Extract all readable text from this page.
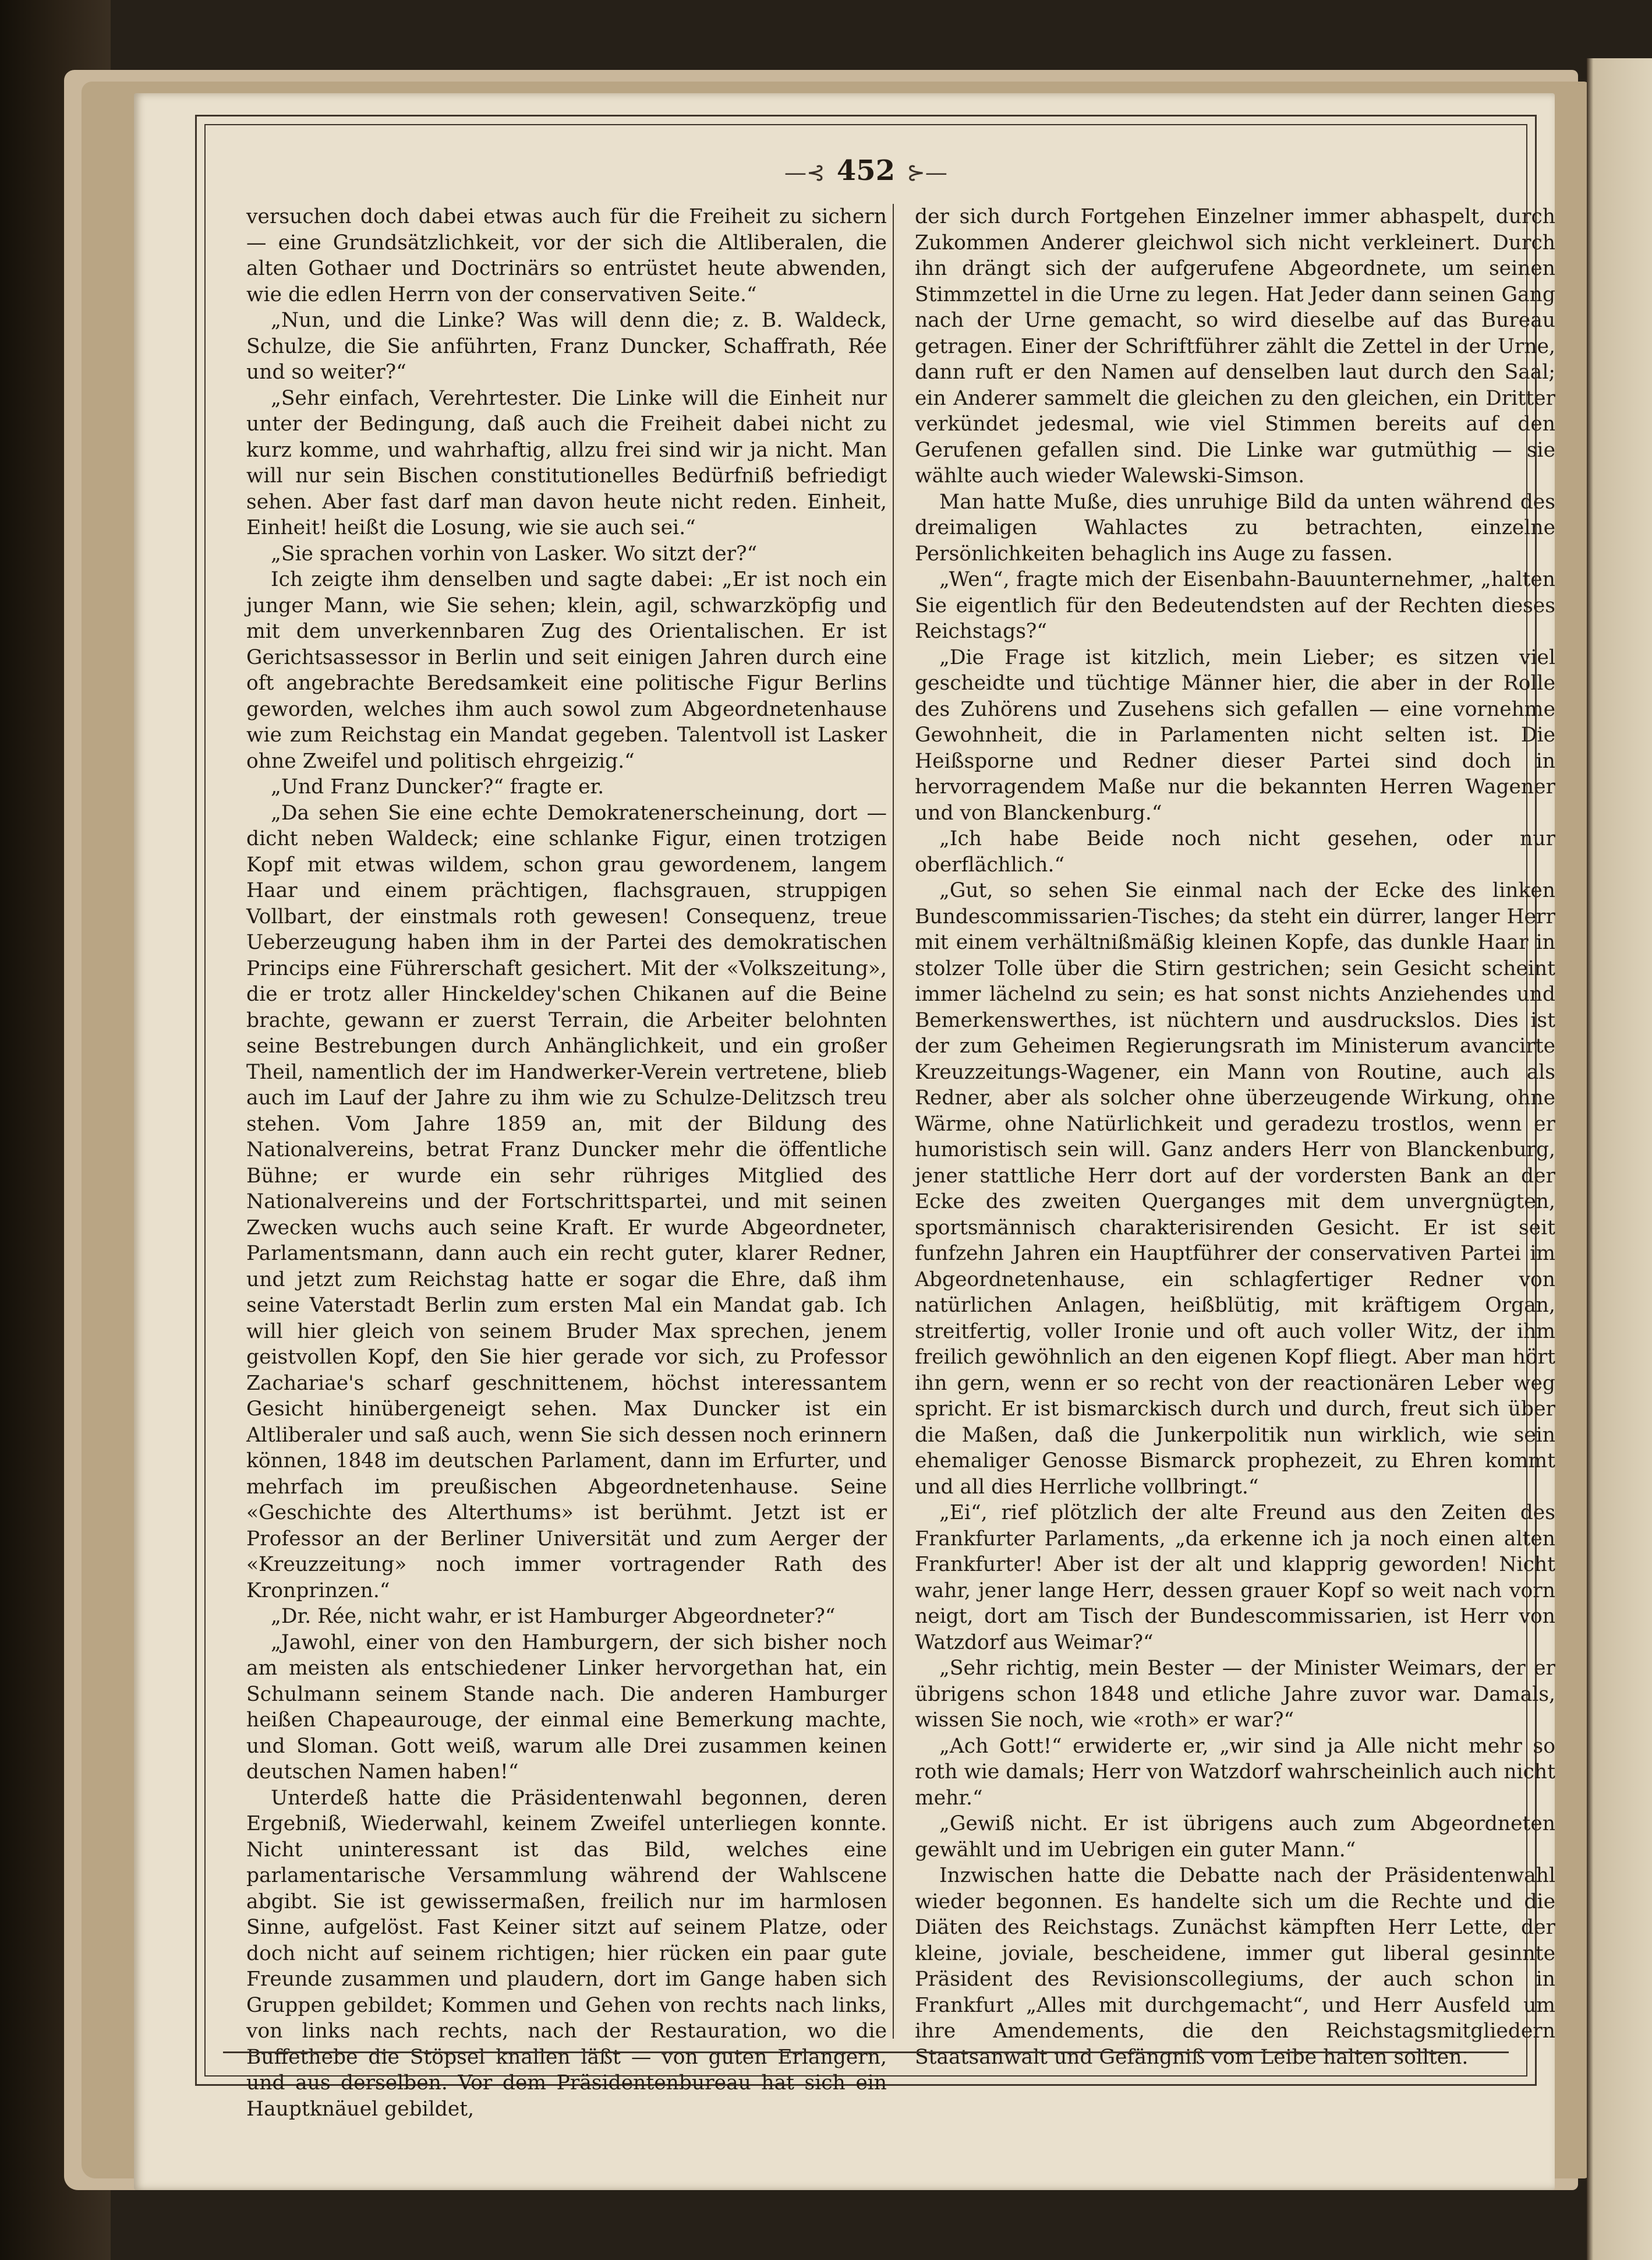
—⊰ 452 ⊱—

versuchen doch dabei etwas auch für die Freiheit zu sichern — eine Grundsätzlichkeit, vor der sich die Altliberalen, die alten Gothaer und Doctrinärs so entrüstet heute abwenden, wie die edlen Herrn von der conservativen Seite.“

„Nun, und die Linke? Was will denn die; z. B. Waldeck, Schulze, die Sie anführten, Franz Duncker, Schaffrath, Rée und so weiter?“

„Sehr einfach, Verehrtester. Die Linke will die Einheit nur unter der Bedingung, daß auch die Freiheit dabei nicht zu kurz komme, und wahrhaftig, allzu frei sind wir ja nicht. Man will nur sein Bischen constitutionelles Bedürfniß befriedigt sehen. Aber fast darf man davon heute nicht reden. Einheit, Einheit! heißt die Losung, wie sie auch sei.“

„Sie sprachen vorhin von Lasker. Wo sitzt der?“

Ich zeigte ihm denselben und sagte dabei: „Er ist noch ein junger Mann, wie Sie sehen; klein, agil, schwarzköpfig und mit dem unverkennbaren Zug des Orientalischen. Er ist Gerichtsassessor in Berlin und seit einigen Jahren durch eine oft angebrachte Beredsamkeit eine politische Figur Berlins geworden, welches ihm auch sowol zum Abgeordnetenhause wie zum Reichstag ein Mandat gegeben. Talentvoll ist Lasker ohne Zweifel und politisch ehrgeizig.“

„Und Franz Duncker?“ fragte er.

„Da sehen Sie eine echte Demokratenerscheinung, dort — dicht neben Waldeck; eine schlanke Figur, einen trotzigen Kopf mit etwas wildem, schon grau gewordenem, langem Haar und einem prächtigen, flachsgrauen, struppigen Vollbart, der einstmals roth gewesen! Consequenz, treue Ueberzeugung haben ihm in der Partei des demokratischen Princips eine Führerschaft gesichert. Mit der «Volkszeitung», die er trotz aller Hinckeldey'schen Chikanen auf die Beine brachte, gewann er zuerst Terrain, die Arbeiter belohnten seine Bestrebungen durch Anhänglichkeit, und ein großer Theil, namentlich der im Handwerker-Verein vertretene, blieb auch im Lauf der Jahre zu ihm wie zu Schulze-Delitzsch treu stehen. Vom Jahre 1859 an, mit der Bildung des Nationalvereins, betrat Franz Duncker mehr die öffentliche Bühne; er wurde ein sehr rühriges Mitglied des Nationalvereins und der Fortschrittspartei, und mit seinen Zwecken wuchs auch seine Kraft. Er wurde Abgeordneter, Parlamentsmann, dann auch ein recht guter, klarer Redner, und jetzt zum Reichstag hatte er sogar die Ehre, daß ihm seine Vaterstadt Berlin zum ersten Mal ein Mandat gab. Ich will hier gleich von seinem Bruder Max sprechen, jenem geistvollen Kopf, den Sie hier gerade vor sich, zu Professor Zachariae's scharf geschnittenem, höchst interessantem Gesicht hinübergeneigt sehen. Max Duncker ist ein Altliberaler und saß auch, wenn Sie sich dessen noch erinnern können, 1848 im deutschen Parlament, dann im Erfurter, und mehrfach im preußischen Abgeordnetenhause. Seine «Geschichte des Alterthums» ist berühmt. Jetzt ist er Professor an der Berliner Universität und zum Aerger der «Kreuzzeitung» noch immer vortragender Rath des Kronprinzen.“

„Dr. Rée, nicht wahr, er ist Hamburger Abgeordneter?“

„Jawohl, einer von den Hamburgern, der sich bisher noch am meisten als entschiedener Linker hervorgethan hat, ein Schulmann seinem Stande nach. Die anderen Hamburger heißen Chapeaurouge, der einmal eine Bemerkung machte, und Sloman. Gott weiß, warum alle Drei zusammen keinen deutschen Namen haben!“

Unterdeß hatte die Präsidentenwahl begonnen, deren Ergebniß, Wiederwahl, keinem Zweifel unterliegen konnte. Nicht uninteressant ist das Bild, welches eine parlamentarische Versammlung während der Wahlscene abgibt. Sie ist gewissermaßen, freilich nur im harmlosen Sinne, aufgelöst. Fast Keiner sitzt auf seinem Platze, oder doch nicht auf seinem richtigen; hier rücken ein paar gute Freunde zusammen und plaudern, dort im Gange haben sich Gruppen gebildet; Kommen und Gehen von rechts nach links, von links nach rechts, nach der Restauration, wo die Buffethebe die Stöpsel knallen läßt — von guten Erlangern, und aus derselben. Vor dem Präsidentenbureau hat sich ein Hauptknäuel gebildet,

der sich durch Fortgehen Einzelner immer abhaspelt, durch Zukommen Anderer gleichwol sich nicht verkleinert. Durch ihn drängt sich der aufgerufene Abgeordnete, um seinen Stimmzettel in die Urne zu legen. Hat Jeder dann seinen Gang nach der Urne gemacht, so wird dieselbe auf das Bureau getragen. Einer der Schriftführer zählt die Zettel in der Urne, dann ruft er den Namen auf denselben laut durch den Saal; ein Anderer sammelt die gleichen zu den gleichen, ein Dritter verkündet jedesmal, wie viel Stimmen bereits auf den Gerufenen gefallen sind. Die Linke war gutmüthig — sie wählte auch wieder Walewski-Simson.

Man hatte Muße, dies unruhige Bild da unten während des dreimaligen Wahlactes zu betrachten, einzelne Persönlichkeiten behaglich ins Auge zu fassen.

„Wen“, fragte mich der Eisenbahn-Bauunternehmer, „halten Sie eigentlich für den Bedeutendsten auf der Rechten dieses Reichstags?“

„Die Frage ist kitzlich, mein Lieber; es sitzen viel gescheidte und tüchtige Männer hier, die aber in der Rolle des Zuhörens und Zusehens sich gefallen — eine vornehme Gewohnheit, die in Parlamenten nicht selten ist. Die Heißsporne und Redner dieser Partei sind doch in hervorragendem Maße nur die bekannten Herren Wagener und von Blanckenburg.“

„Ich habe Beide noch nicht gesehen, oder nur oberflächlich.“

„Gut, so sehen Sie einmal nach der Ecke des linken Bundescommissarien-Tisches; da steht ein dürrer, langer Herr mit einem verhältnißmäßig kleinen Kopfe, das dunkle Haar in stolzer Tolle über die Stirn gestrichen; sein Gesicht scheint immer lächelnd zu sein; es hat sonst nichts Anziehendes und Bemerkenswerthes, ist nüchtern und ausdruckslos. Dies ist der zum Geheimen Regierungsrath im Ministerum avancirte Kreuzzeitungs-Wagener, ein Mann von Routine, auch als Redner, aber als solcher ohne überzeugende Wirkung, ohne Wärme, ohne Natürlichkeit und geradezu trostlos, wenn er humoristisch sein will. Ganz anders Herr von Blanckenburg, jener stattliche Herr dort auf der vordersten Bank an der Ecke des zweiten Querganges mit dem unvergnügten, sportsmännisch charakterisirenden Gesicht. Er ist seit funfzehn Jahren ein Hauptführer der conservativen Partei im Abgeordnetenhause, ein schlagfertiger Redner von natürlichen Anlagen, heißblütig, mit kräftigem Organ, streitfertig, voller Ironie und oft auch voller Witz, der ihm freilich gewöhnlich an den eigenen Kopf fliegt. Aber man hört ihn gern, wenn er so recht von der reactionären Leber weg spricht. Er ist bismarckisch durch und durch, freut sich über die Maßen, daß die Junkerpolitik nun wirklich, wie sein ehemaliger Genosse Bismarck prophezeit, zu Ehren kommt und all dies Herrliche vollbringt.“

„Ei“, rief plötzlich der alte Freund aus den Zeiten des Frankfurter Parlaments, „da erkenne ich ja noch einen alten Frankfurter! Aber ist der alt und klapprig geworden! Nicht wahr, jener lange Herr, dessen grauer Kopf so weit nach vorn neigt, dort am Tisch der Bundescommissarien, ist Herr von Watzdorf aus Weimar?“

„Sehr richtig, mein Bester — der Minister Weimars, der er übrigens schon 1848 und etliche Jahre zuvor war. Damals, wissen Sie noch, wie «roth» er war?“

„Ach Gott!“ erwiderte er, „wir sind ja Alle nicht mehr so roth wie damals; Herr von Watzdorf wahrscheinlich auch nicht mehr.“

„Gewiß nicht. Er ist übrigens auch zum Abgeordneten gewählt und im Uebrigen ein guter Mann.“

Inzwischen hatte die Debatte nach der Präsidentenwahl wieder begonnen. Es handelte sich um die Rechte und die Diäten des Reichstags. Zunächst kämpften Herr Lette, der kleine, joviale, bescheidene, immer gut liberal gesinnte Präsident des Revisionscollegiums, der auch schon in Frankfurt „Alles mit durchgemacht“, und Herr Ausfeld um ihre Amendements, die den Reichstagsmitgliedern Staatsanwalt und Gefängniß vom Leibe halten sollten.
